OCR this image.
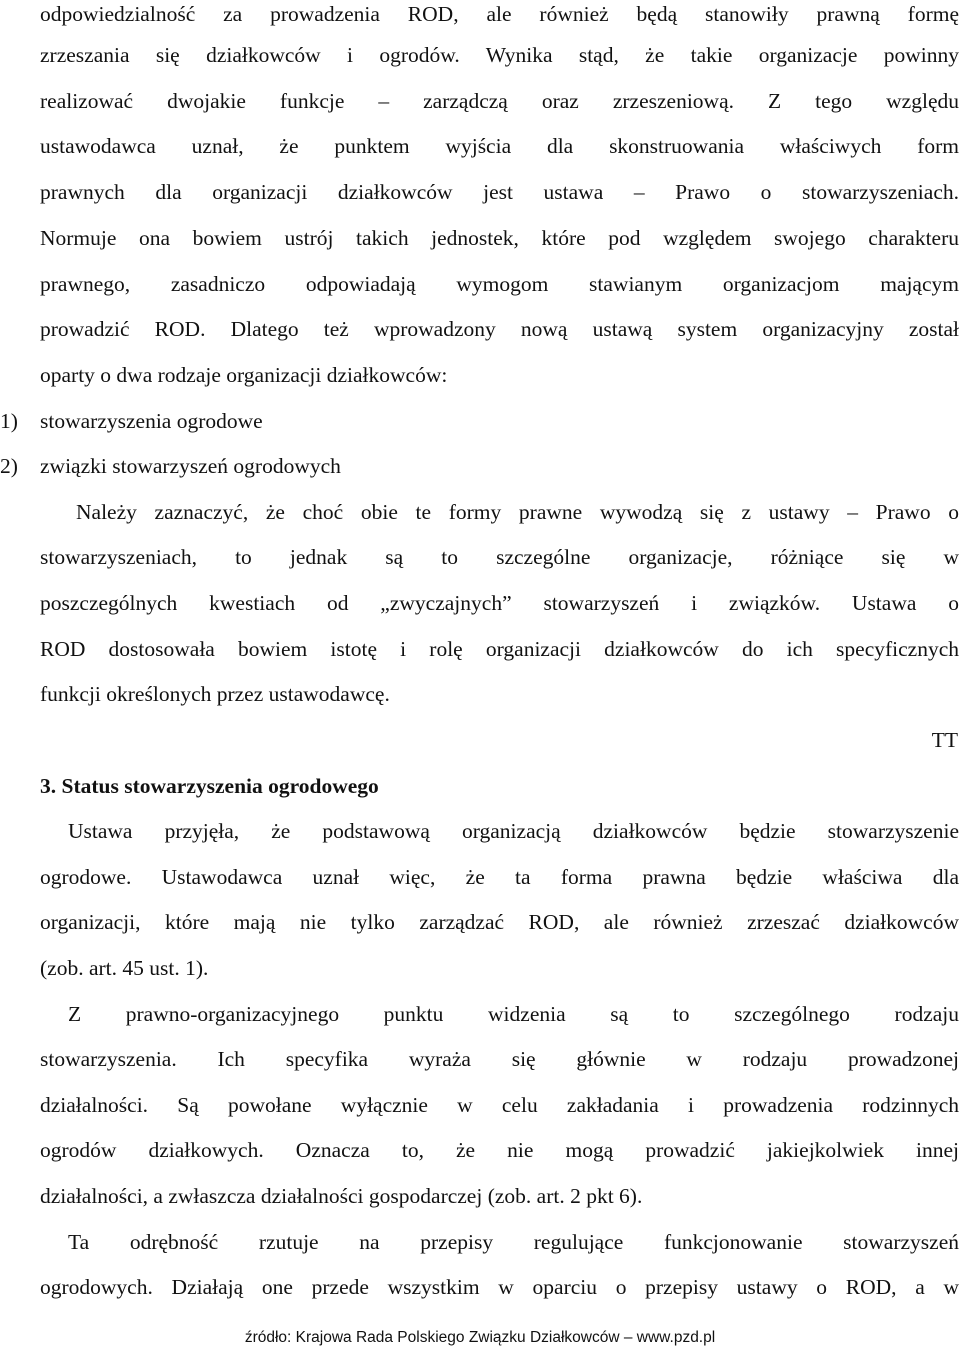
odpowiedzialność za prowadzenia ROD, ale również będą stanowiły prawną formę
zrzeszania się działkowców i ogrodów. Wynika stąd, że takie organizacje powinny
realizować dwojakie funkcje – zarządczą oraz zrzeszeniową. Z tego względu
ustawodawca uznał, że punktem wyjścia dla skonstruowania właściwych form
prawnych dla organizacji działkowców jest ustawa – Prawo o stowarzyszeniach.
Normuje ona bowiem ustrój takich jednostek, które pod względem swojego charakteru
prawnego, zasadniczo odpowiadają wymogom stawianym organizacjom mającym
prowadzić ROD. Dlatego też wprowadzony nową ustawą system organizacyjny został
oparty o dwa rodzaje organizacji działkowców:
1) stowarzyszenia ogrodowe
2) związki stowarzyszeń ogrodowych
Należy zaznaczyć, że choć obie te formy prawne wywodzą się z ustawy – Prawo o
stowarzyszeniach, to jednak są to szczególne organizacje, różniące się w
poszczególnych kwestiach od „zwyczajnych” stowarzyszeń i związków. Ustawa o
ROD dostosowała bowiem istotę i rolę organizacji działkowców do ich specyficznych
funkcji określonych przez ustawodawcę.
TT
3. Status stowarzyszenia ogrodowego
Ustawa przyjęła, że podstawową organizacją działkowców będzie stowarzyszenie
ogrodowe. Ustawodawca uznał więc, że ta forma prawna będzie właściwa dla
organizacji, które mają nie tylko zarządzać ROD, ale również zrzeszać działkowców
(zob. art. 45 ust. 1).
Z prawno-organizacyjnego punktu widzenia są to szczególnego rodzaju
stowarzyszenia. Ich specyfika wyraża się głównie w rodzaju prowadzonej
działalności. Są powołane wyłącznie w celu zakładania i prowadzenia rodzinnych
ogrodów działkowych. Oznacza to, że nie mogą prowadzić jakiejkolwiek innej
działalności, a zwłaszcza działalności gospodarczej (zob. art. 2 pkt 6).
Ta odrębność rzutuje na przepisy regulujące funkcjonowanie stowarzyszeń
ogrodowych. Działają one przede wszystkim w oparciu o przepisy ustawy o ROD, a w
źródło: Krajowa Rada Polskiego Związku Działkowców – www.pzd.pl
